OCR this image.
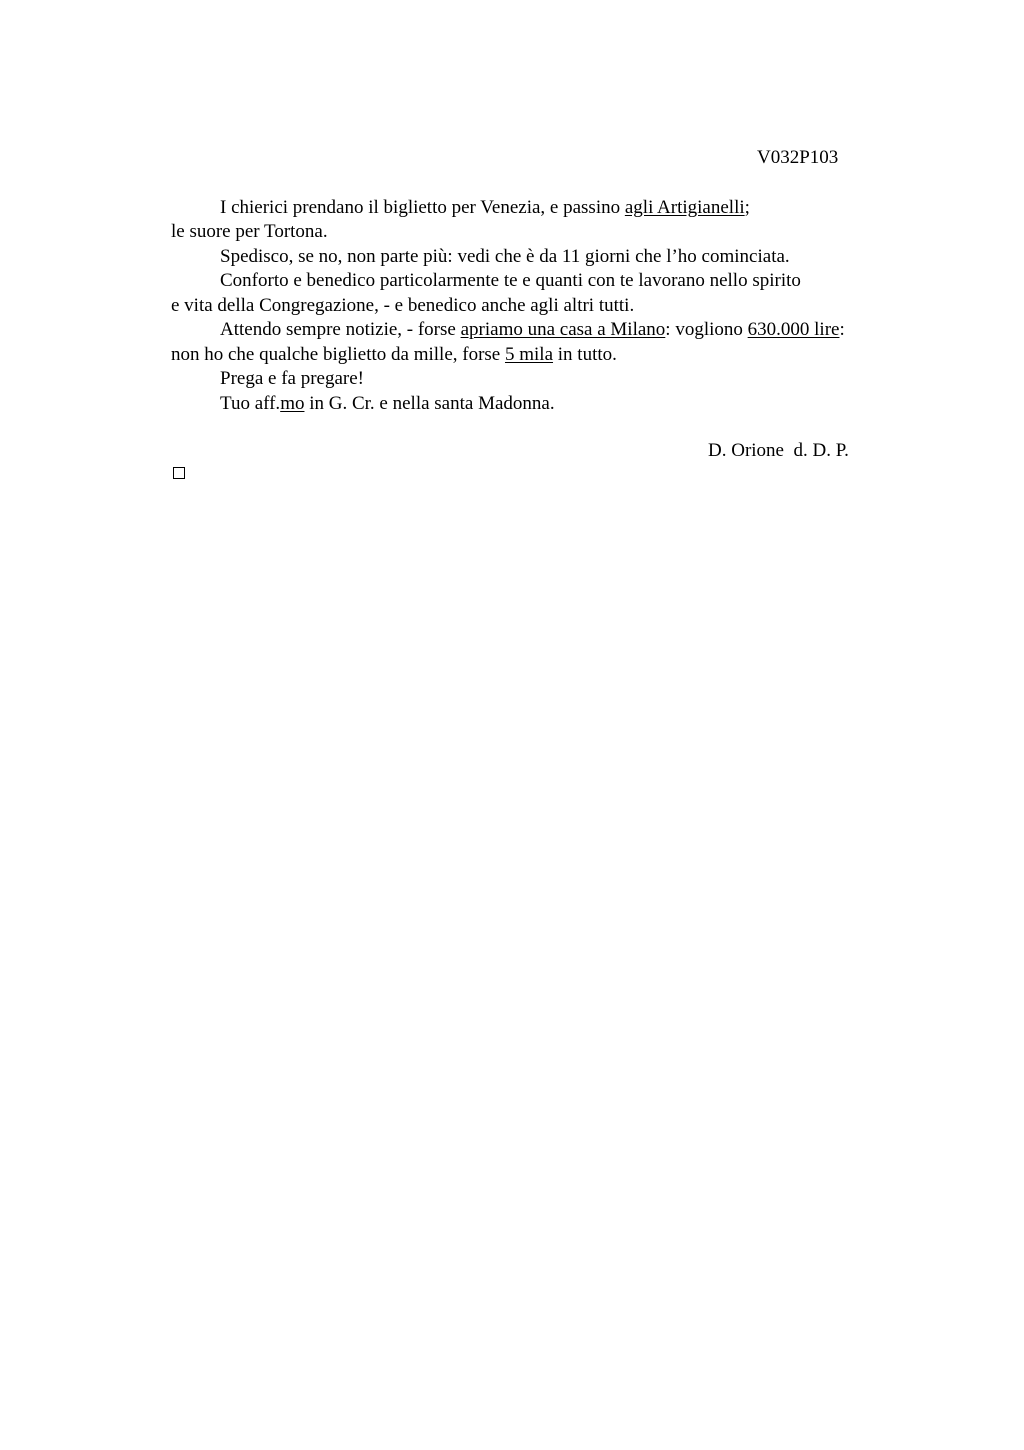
V032P103
I chierici prendano il biglietto per Venezia, e passino agli Artigianelli;
le suore per Tortona.
Spedisco, se no, non parte più: vedi che è da 11 giorni che l’ho cominciata.
Conforto e benedico particolarmente te e quanti con te lavorano nello spirito
e vita della Congregazione, - e benedico anche agli altri tutti.
Attendo sempre notizie, - forse apriamo una casa a Milano: vogliono 630.000 lire:
non ho che qualche biglietto da mille, forse 5 mila in tutto.
Prega e fa pregare!
Tuo aff.mo in G. Cr. e nella santa Madonna.
D. Orione  d. D. P.
